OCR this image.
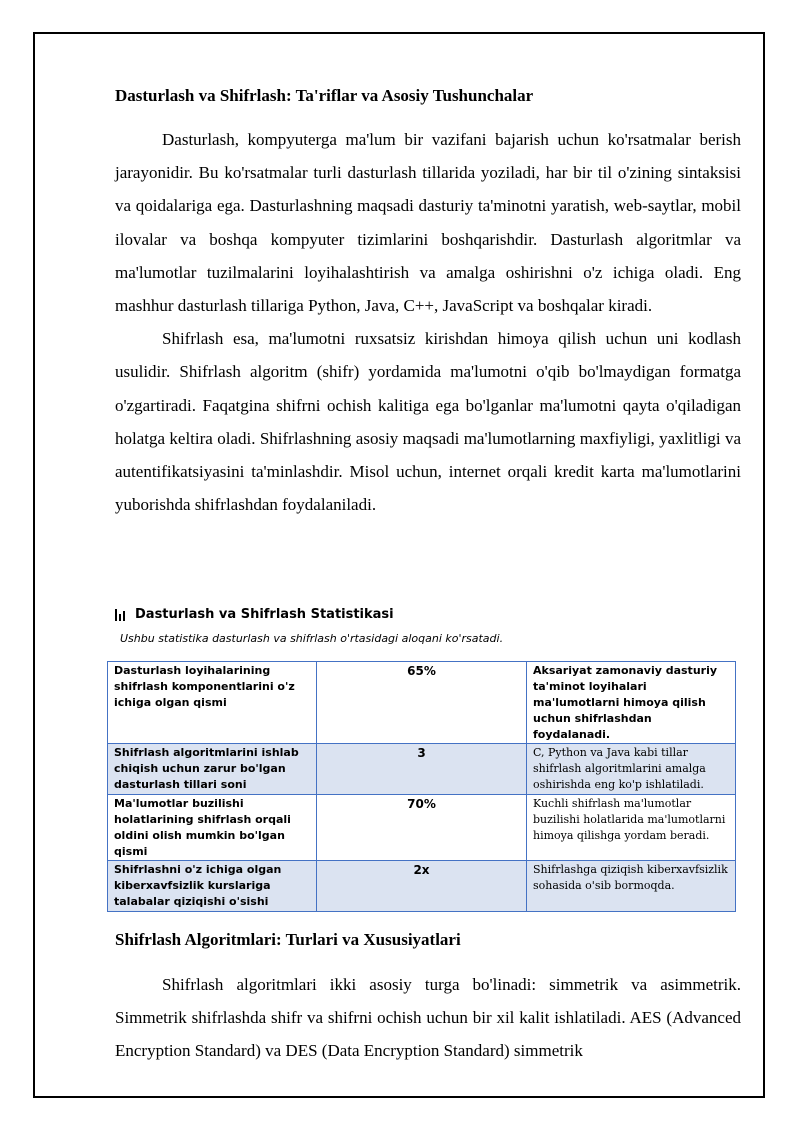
Dasturlash va Shifrlash: Ta'riflar va Asosiy Tushunchalar

Dasturlash, kompyuterga ma'lum bir vazifani bajarish uchun ko'rsatmalar berish jarayonidir. Bu ko'rsatmalar turli dasturlash tillarida yoziladi, har bir til o'zining sintaksisi va qoidalariga ega. Dasturlashning maqsadi dasturiy ta'minotni yaratish, web-saytlar, mobil ilovalar va boshqa kompyuter tizimlarini boshqarishdir. Dasturlash algoritmlar va ma'lumotlar tuzilmalarini loyihalashtirish va amalga oshirishni o'z ichiga oladi. Eng mashhur dasturlash tillariga Python, Java, C++, JavaScript va boshqalar kiradi.

Shifrlash esa, ma'lumotni ruxsatsiz kirishdan himoya qilish uchun uni kodlash usulidir. Shifrlash algoritm (shifr) yordamida ma'lumotni o'qib bo'lmaydigan formatga o'zgartiradi. Faqatgina shifrni ochish kalitiga ega bo'lganlar ma'lumotni qayta o'qiladigan holatga keltira oladi. Shifrlashning asosiy maqsadi ma'lumotlarning maxfiyligi, yaxlitligi va autentifikatsiyasini ta'minlashdir. Misol uchun, internet orqali kredit karta ma'lumotlarini yuborishda shifrlashdan foydalaniladi.

Dasturlash va Shifrlash Statistikasi

Ushbu statistika dasturlash va shifrlash o'rtasidagi aloqani ko'rsatadi.

Dasturlash loyihalarining shifrlash komponentlarini o'z ichiga olgan qismi	65%	Aksariyat zamonaviy dasturiy ta'minot loyihalari ma'lumotlarni himoya qilish uchun shifrlashdan foydalanadi.
Shifrlash algoritmlarini ishlab chiqish uchun zarur bo'lgan dasturlash tillari soni	3	C, Python va Java kabi tillar shifrlash algoritmlarini amalga oshirishda eng ko'p ishlatiladi.
Ma'lumotlar buzilishi holatlarining shifrlash orqali oldini olish mumkin bo'lgan qismi	70%	Kuchli shifrlash ma'lumotlar buzilishi holatlarida ma'lumotlarni himoya qilishga yordam beradi.
Shifrlashni o'z ichiga olgan kiberxavfsizlik kurslariga talabalar qiziqishi o'sishi	2x	Shifrlashga qiziqish kiberxavfsizlik sohasida o'sib bormoqda.
Shifrlash Algoritmlari: Turlari va Xususiyatlari

Shifrlash algoritmlari ikki asosiy turga bo'linadi: simmetrik va asimmetrik. Simmetrik shifrlashda shifr va shifrni ochish uchun bir xil kalit ishlatiladi. AES (Advanced Encryption Standard) va DES (Data Encryption Standard) simmetrik
